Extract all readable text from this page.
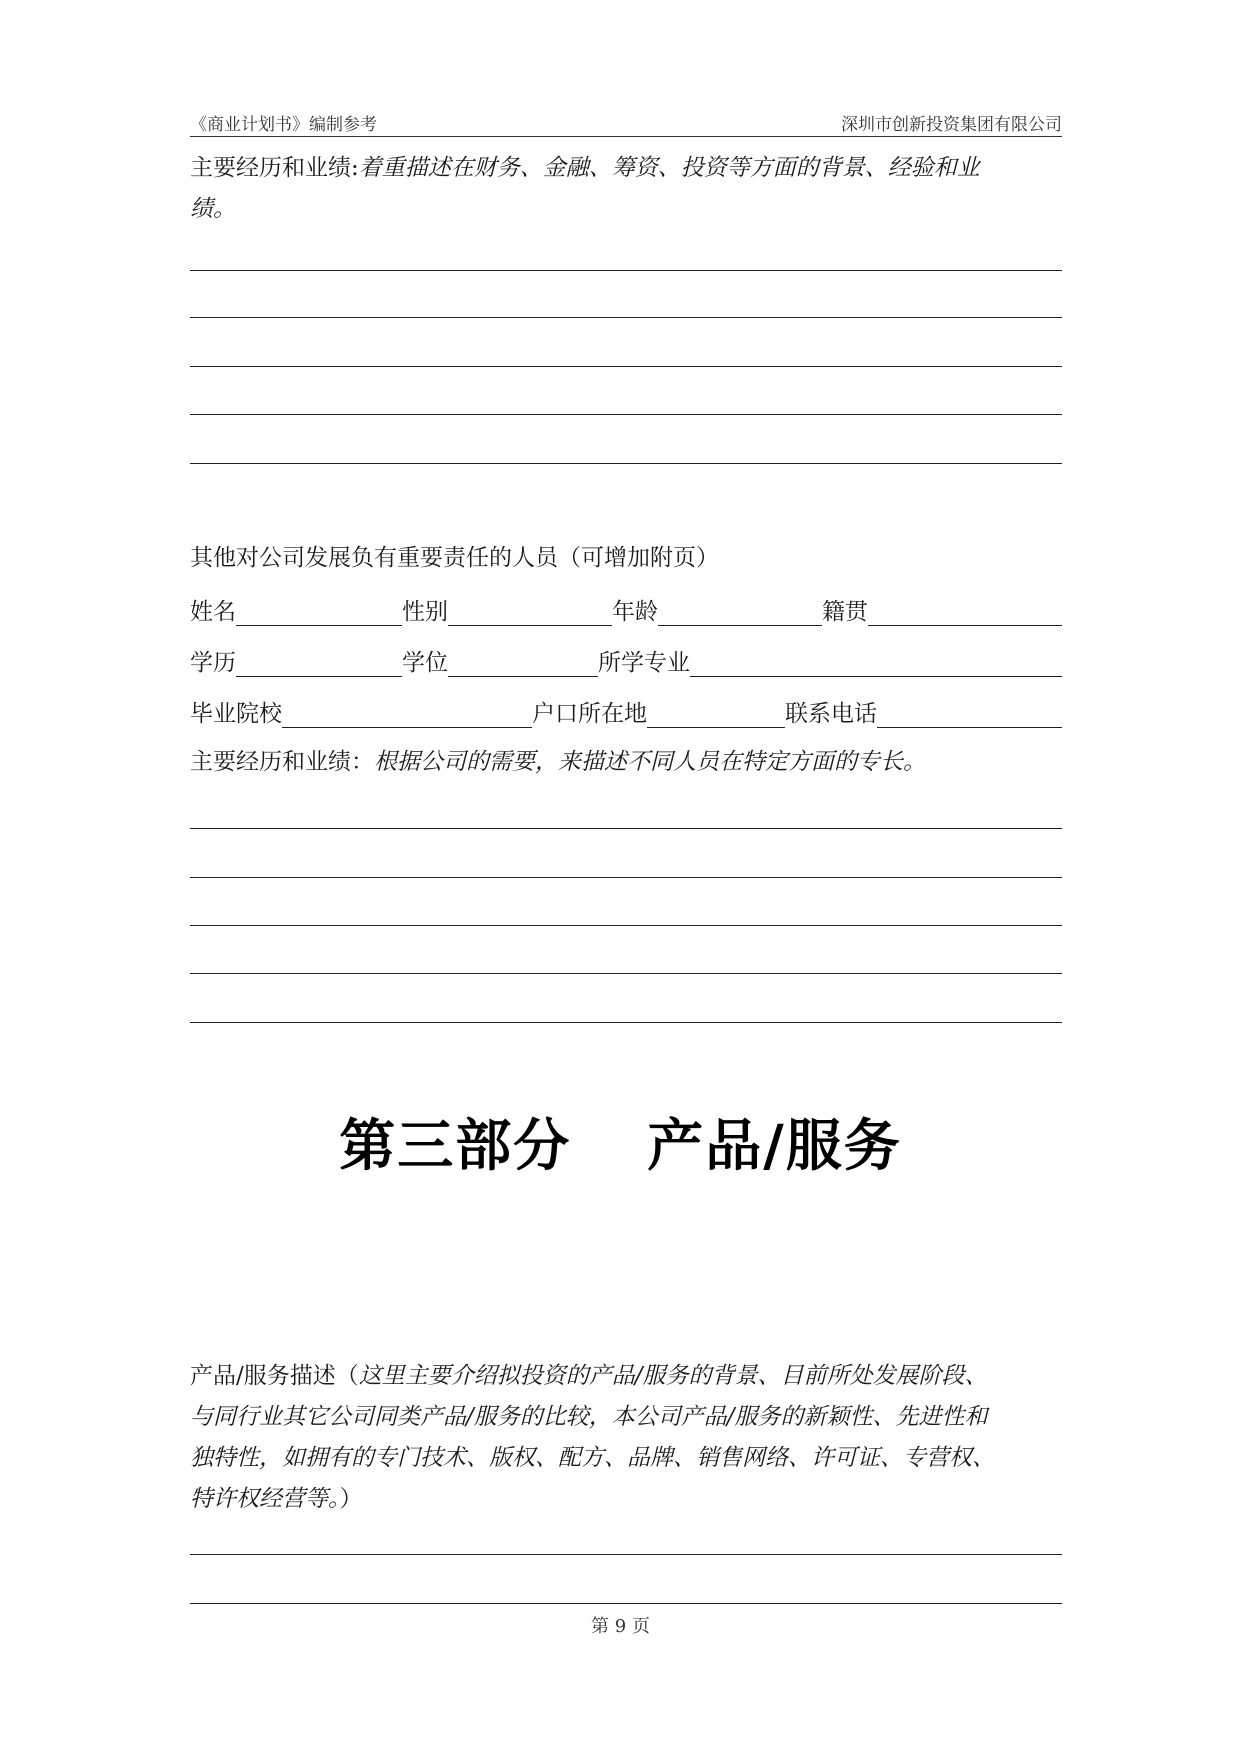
《商业计划书》编制参考	深圳市创新投资集团有限公司
主要经历和业绩:着重描述在财务、金融、筹资、投资等方面的背景、经验和业
绩。
其他对公司发展负有重要责任的人员（可增加附页）
姓名	性别	年龄	籍贯
学历	学位	所学专业
毕业院校	户口所在地	联系电话
主要经历和业绩：根据公司的需要，来描述不同人员在特定方面的专长。
第三部分 产品/服务
产品/服务描述（这里主要介绍拟投资的产品/服务的背景、目前所处发展阶段、
与同行业其它公司同类产品/服务的比较，本公司产品/服务的新颖性、先进性和
独特性，如拥有的专门技术、版权、配方、品牌、销售网络、许可证、专营权、
特许权经营等。）
第 9 页
